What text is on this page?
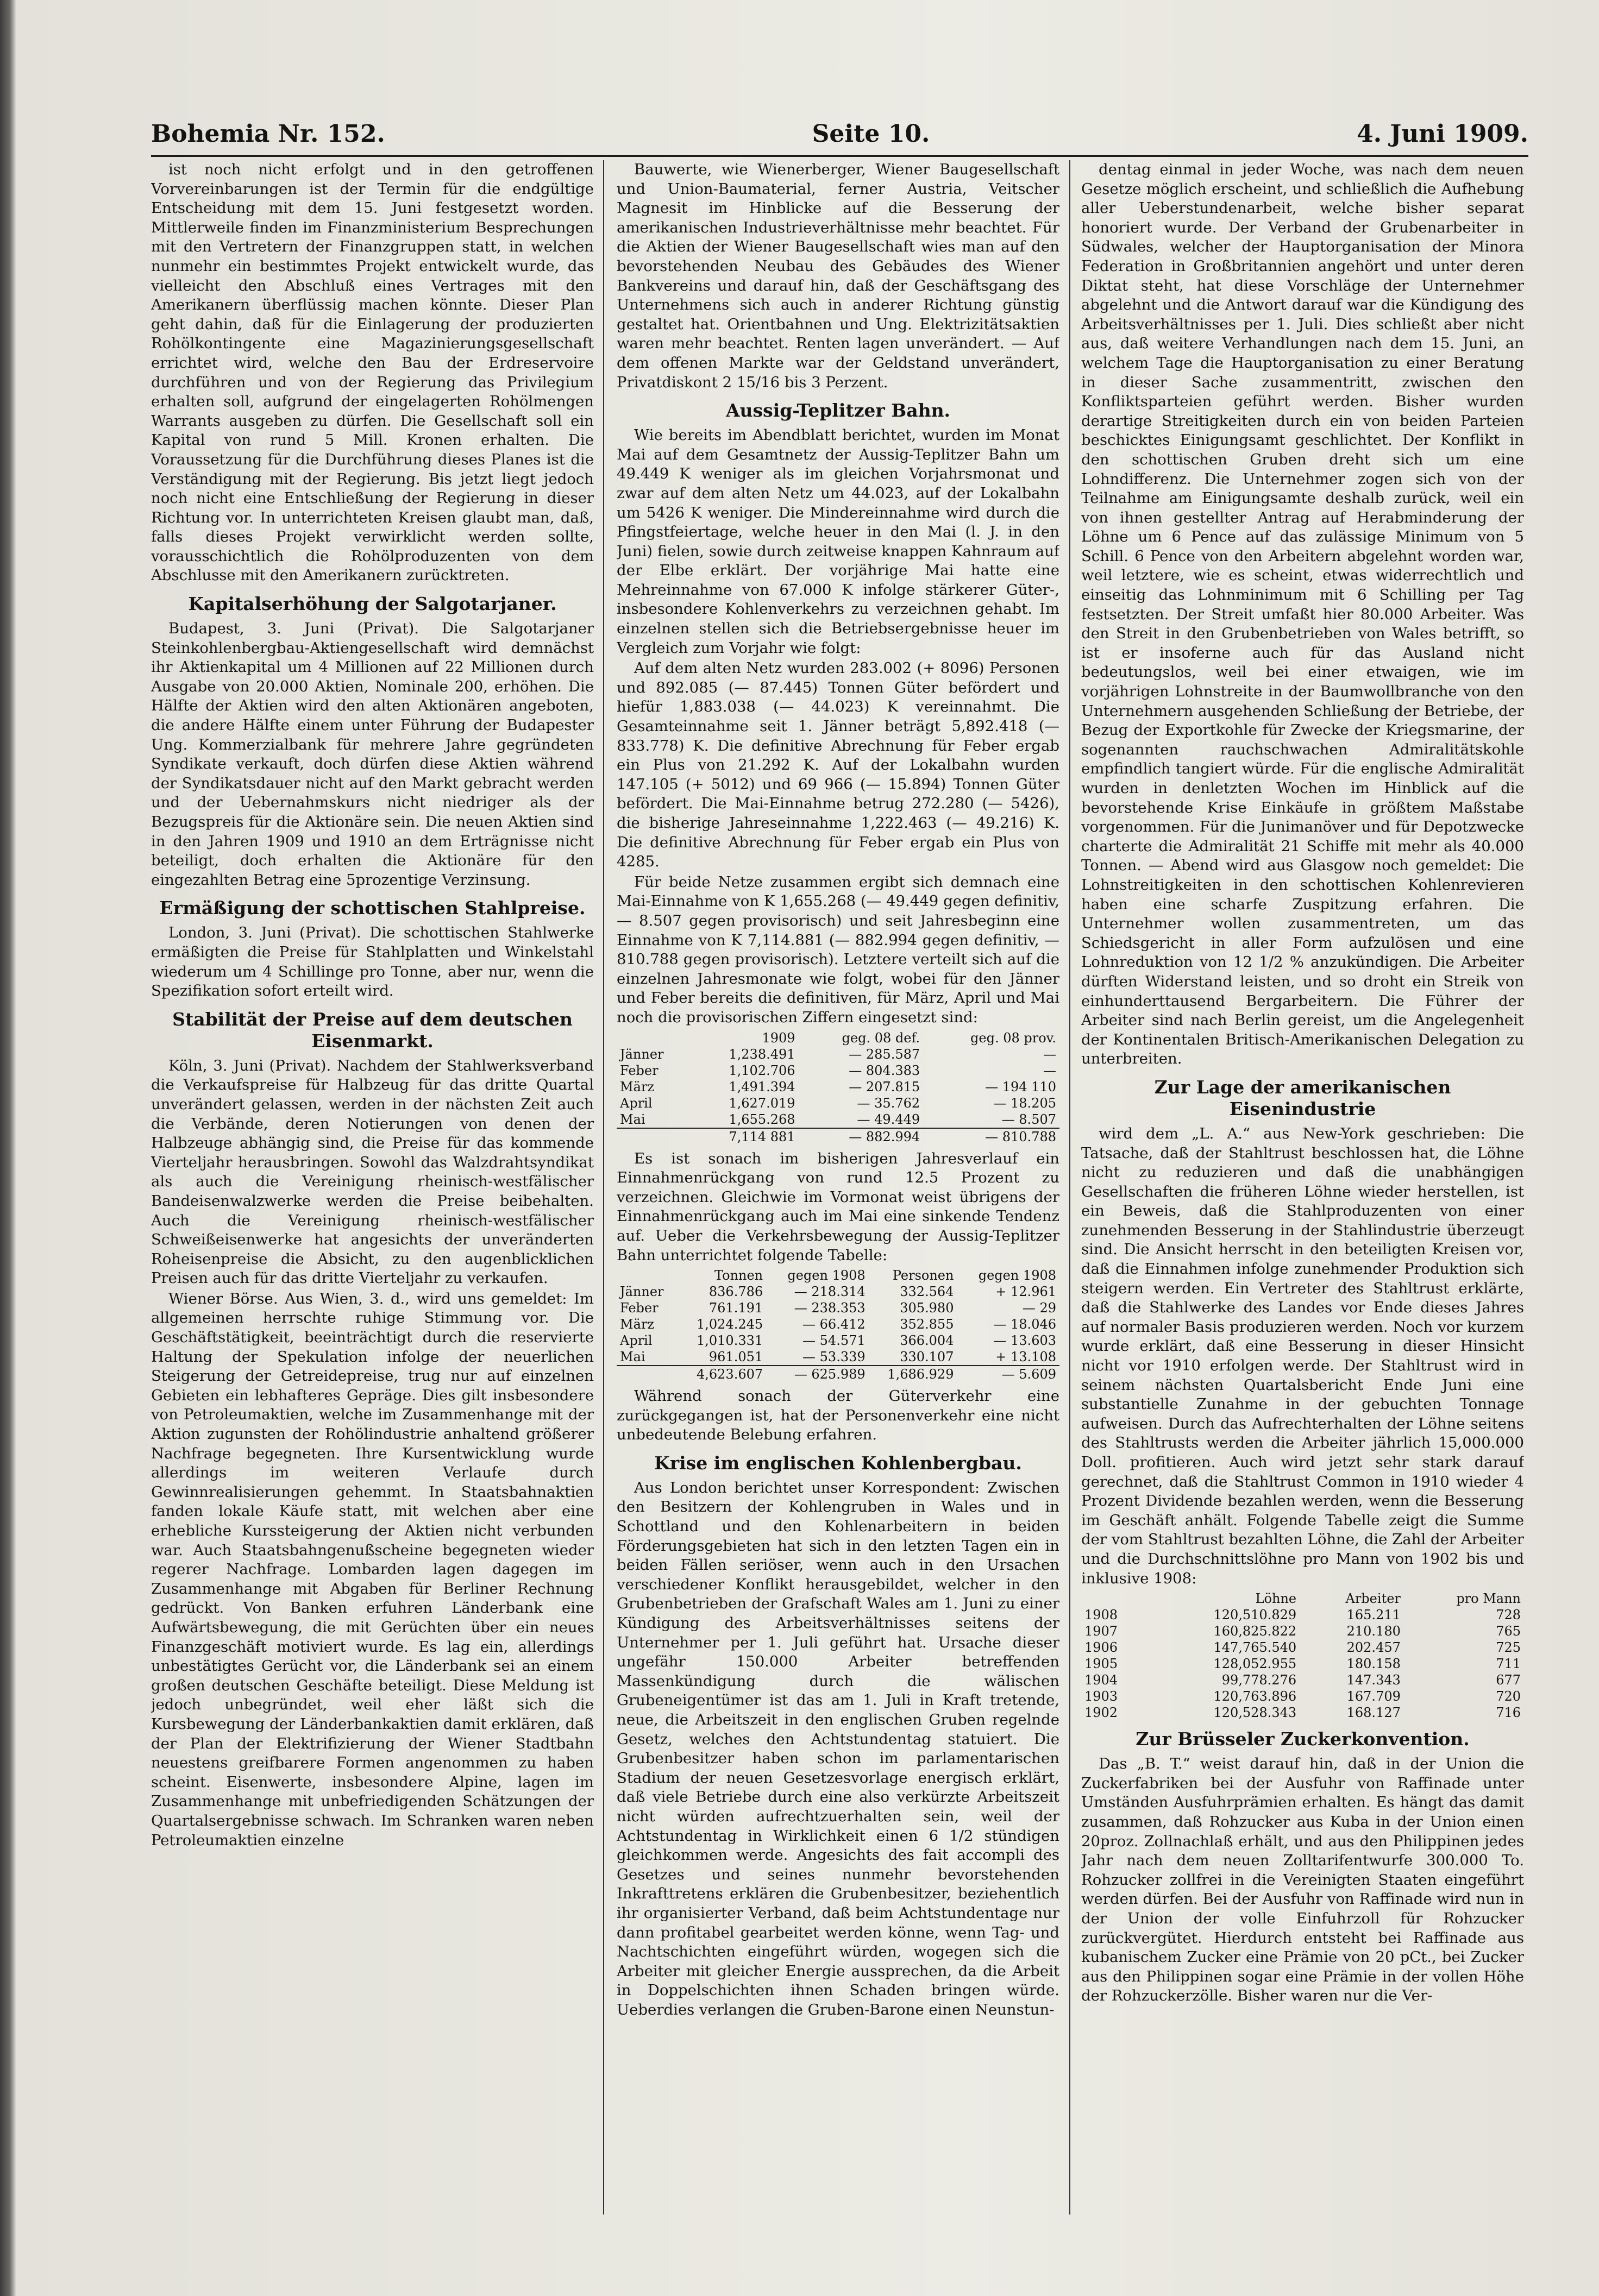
Bohemia Nr. 152.	Seite 10.	4. Juni 1909.

ist noch nicht erfolgt und in den getroffenen Vorvereinbarungen ist der Termin für die endgültige Entscheidung mit dem 15. Juni festgesetzt worden. Mittlerweile finden im Finanzministerium Besprechungen mit den Vertretern der Finanzgruppen statt, in welchen nunmehr ein bestimmtes Projekt entwickelt wurde, das vielleicht den Abschluß eines Vertrages mit den Amerikanern überflüssig machen könnte. Dieser Plan geht dahin, daß für die Einlagerung der produzierten Rohölkontingente eine Magazinierungsgesellschaft errichtet wird, welche den Bau der Erdreservoire durchführen und von der Regierung das Privilegium erhalten soll, aufgrund der eingelagerten Rohölmengen Warrants ausgeben zu dürfen. Die Gesellschaft soll ein Kapital von rund 5 Mill. Kronen erhalten. Die Voraussetzung für die Durchführung dieses Planes ist die Verständigung mit der Regierung. Bis jetzt liegt jedoch noch nicht eine Entschließung der Regierung in dieser Richtung vor. In unterrichteten Kreisen glaubt man, daß, falls dieses Projekt verwirklicht werden sollte, vorausschichtlich die Rohölproduzenten von dem Abschlusse mit den Amerikanern zurücktreten.

Kapitalserhöhung der Salgotarjaner.

Budapest, 3. Juni (Privat). Die Salgotarjaner Steinkohlenbergbau-Aktiengesellschaft wird demnächst ihr Aktienkapital um 4 Millionen auf 22 Millionen durch Ausgabe von 20.000 Aktien, Nominale 200, erhöhen. Die Hälfte der Aktien wird den alten Aktionären angeboten, die andere Hälfte einem unter Führung der Budapester Ung. Kommerzialbank für mehrere Jahre gegründeten Syndikate verkauft, doch dürfen diese Aktien während der Syndikatsdauer nicht auf den Markt gebracht werden und der Uebernahmskurs nicht niedriger als der Bezugspreis für die Aktionäre sein. Die neuen Aktien sind in den Jahren 1909 und 1910 an dem Erträgnisse nicht beteiligt, doch erhalten die Aktionäre für den eingezahlten Betrag eine 5prozentige Verzinsung.

Ermäßigung der schottischen Stahlpreise.

London, 3. Juni (Privat). Die schottischen Stahlwerke ermäßigten die Preise für Stahlplatten und Winkelstahl wiederum um 4 Schillinge pro Tonne, aber nur, wenn die Spezifikation sofort erteilt wird.

Stabilität der Preise auf dem deutschen Eisenmarkt.

Köln, 3. Juni (Privat). Nachdem der Stahlwerksverband die Verkaufspreise für Halbzeug für das dritte Quartal unverändert gelassen, werden in der nächsten Zeit auch die Verbände, deren Notierungen von denen der Halbzeuge abhängig sind, die Preise für das kommende Vierteljahr herausbringen. Sowohl das Walzdrahtsyndikat als auch die Vereinigung rheinisch-westfälischer Bandeisenwalzwerke werden die Preise beibehalten. Auch die Vereinigung rheinisch-westfälischer Schweißeisenwerke hat angesichts der unveränderten Roheisenpreise die Absicht, zu den augenblicklichen Preisen auch für das dritte Vierteljahr zu verkaufen.

Wiener Börse. Aus Wien, 3. d., wird uns gemeldet: Im allgemeinen herrschte ruhige Stimmung vor. Die Geschäftstätigkeit, beeinträchtigt durch die reservierte Haltung der Spekulation infolge der neuerlichen Steigerung der Getreidepreise, trug nur auf einzelnen Gebieten ein lebhafteres Gepräge. Dies gilt insbesondere von Petroleumaktien, welche im Zusammenhange mit der Aktion zugunsten der Rohölindustrie anhaltend größerer Nachfrage begegneten. Ihre Kursentwicklung wurde allerdings im weiteren Verlaufe durch Gewinnrealisierungen gehemmt. In Staatsbahnaktien fanden lokale Käufe statt, mit welchen aber eine erhebliche Kurssteigerung der Aktien nicht verbunden war. Auch Staatsbahngenußscheine begegneten wieder regerer Nachfrage. Lombarden lagen dagegen im Zusammenhange mit Abgaben für Berliner Rechnung gedrückt. Von Banken erfuhren Länderbank eine Aufwärtsbewegung, die mit Gerüchten über ein neues Finanzgeschäft motiviert wurde. Es lag ein, allerdings unbestätigtes Gerücht vor, die Länderbank sei an einem großen deutschen Geschäfte beteiligt. Diese Meldung ist jedoch unbegründet, weil eher läßt sich die Kursbewegung der Länderbankaktien damit erklären, daß der Plan der Elektrifizierung der Wiener Stadtbahn neuestens greifbarere Formen angenommen zu haben scheint. Eisenwerte, insbesondere Alpine, lagen im Zusammenhange mit unbefriedigenden Schätzungen der Quartalsergebnisse schwach. Im Schranken waren neben Petroleumaktien einzelne

Bauwerte, wie Wienerberger, Wiener Baugesellschaft und Union-Baumaterial, ferner Austria, Veitscher Magnesit im Hinblicke auf die Besserung der amerikanischen Industrieverhältnisse mehr beachtet. Für die Aktien der Wiener Baugesellschaft wies man auf den bevorstehenden Neubau des Gebäudes des Wiener Bankvereins und darauf hin, daß der Geschäftsgang des Unternehmens sich auch in anderer Richtung günstig gestaltet hat. Orientbahnen und Ung. Elektrizitätsaktien waren mehr beachtet. Renten lagen unverändert. — Auf dem offenen Markte war der Geldstand unverändert, Privatdiskont 2 15/16 bis 3 Perzent.

Aussig-Teplitzer Bahn.

Wie bereits im Abendblatt berichtet, wurden im Monat Mai auf dem Gesamtnetz der Aussig-Teplitzer Bahn um 49.449 K weniger als im gleichen Vorjahrsmonat und zwar auf dem alten Netz um 44.023, auf der Lokalbahn um 5426 K weniger. Die Mindereinnahme wird durch die Pfingstfeiertage, welche heuer in den Mai (l. J. in den Juni) fielen, sowie durch zeitweise knappen Kahnraum auf der Elbe erklärt. Der vorjährige Mai hatte eine Mehreinnahme von 67.000 K infolge stärkerer Güter-, insbesondere Kohlenverkehrs zu verzeichnen gehabt. Im einzelnen stellen sich die Betriebsergebnisse heuer im Vergleich zum Vorjahr wie folgt:

Auf dem alten Netz wurden 283.002 (+ 8096) Personen und 892.085 (— 87.445) Tonnen Güter befördert und hiefür 1,883.038 (— 44.023) K vereinnahmt. Die Gesamteinnahme seit 1. Jänner beträgt 5,892.418 (— 833.778) K. Die definitive Abrechnung für Feber ergab ein Plus von 21.292 K. Auf der Lokalbahn wurden 147.105 (+ 5012) und 69 966 (— 15.894) Tonnen Güter befördert. Die Mai-Einnahme betrug 272.280 (— 5426), die bisherige Jahreseinnahme 1,222.463 (— 49.216) K. Die definitive Abrechnung für Feber ergab ein Plus von 4285.

Für beide Netze zusammen ergibt sich demnach eine Mai-Einnahme von K 1,655.268 (— 49.449 gegen definitiv, — 8.507 gegen provisorisch) und seit Jahresbeginn eine Einnahme von K 7,114.881 (— 882.994 gegen definitiv, — 810.788 gegen provisorisch). Letztere verteilt sich auf die einzelnen Jahresmonate wie folgt, wobei für den Jänner und Feber bereits die definitiven, für März, April und Mai noch die provisorischen Ziffern eingesetzt sind:

	1909	geg. 08 def.	geg. 08 prov.
Jänner	1,238.491	— 285.587	—
Feber	1,102.706	— 804.383	—
März	1,491.394	— 207.815	— 194 110
April	1,627.019	— 35.762	— 18.205
Mai	1,655.268	— 49.449	— 8.507
	7,114 881	— 882.994	— 810.788

Es ist sonach im bisherigen Jahresverlauf ein Einnahmenrückgang von rund 12.5 Prozent zu verzeichnen. Gleichwie im Vormonat weist übrigens der Einnahmenrückgang auch im Mai eine sinkende Tendenz auf. Ueber die Verkehrsbewegung der Aussig-Teplitzer Bahn unterrichtet folgende Tabelle:

	Tonnen	gegen 1908	Personen	gegen 1908
Jänner	836.786	— 218.314	332.564	+ 12.961
Feber	761.191	— 238.353	305.980	— 29
März	1,024.245	— 66.412	352.855	— 18.046
April	1,010.331	— 54.571	366.004	— 13.603
Mai	961.051	— 53.339	330.107	+ 13.108
	4,623.607	— 625.989	1,686.929	— 5.609

Während sonach der Güterverkehr eine zurückgegangen ist, hat der Personenverkehr eine nicht unbedeutende Belebung erfahren.

Krise im englischen Kohlenbergbau.

Aus London berichtet unser Korrespondent: Zwischen den Besitzern der Kohlengruben in Wales und in Schottland und den Kohlenarbeitern in beiden Förderungsgebieten hat sich in den letzten Tagen ein in beiden Fällen seriöser, wenn auch in den Ursachen verschiedener Konflikt herausgebildet, welcher in den Grubenbetrieben der Grafschaft Wales am 1. Juni zu einer Kündigung des Arbeitsverhältnisses seitens der Unternehmer per 1. Juli geführt hat. Ursache dieser ungefähr 150.000 Arbeiter betreffenden Massenkündigung durch die wälischen Grubeneigentümer ist das am 1. Juli in Kraft tretende, neue, die Arbeitszeit in den englischen Gruben regelnde Gesetz, welches den Achtstundentag statuiert. Die Grubenbesitzer haben schon im parlamentarischen Stadium der neuen Gesetzesvorlage energisch erklärt, daß viele Betriebe durch eine also verkürzte Arbeitszeit nicht würden aufrechtzuerhalten sein, weil der Achtstundentag in Wirklichkeit einen 6 1/2 stündigen gleichkommen werde. Angesichts des fait accompli des Gesetzes und seines nunmehr bevorstehenden Inkrafttretens erklären die Grubenbesitzer, beziehentlich ihr organisierter Verband, daß beim Achtstundentage nur dann profitabel gearbeitet werden könne, wenn Tag- und Nachtschichten eingeführt würden, wogegen sich die Arbeiter mit gleicher Energie aussprechen, da die Arbeit in Doppelschichten ihnen Schaden bringen würde. Ueberdies verlangen die Gruben-Barone einen Neunstun-

dentag einmal in jeder Woche, was nach dem neuen Gesetze möglich erscheint, und schließlich die Aufhebung aller Ueberstundenarbeit, welche bisher separat honoriert wurde. Der Verband der Grubenarbeiter in Südwales, welcher der Hauptorganisation der Minora Federation in Großbritannien angehört und unter deren Diktat steht, hat diese Vorschläge der Unternehmer abgelehnt und die Antwort darauf war die Kündigung des Arbeitsverhältnisses per 1. Juli. Dies schließt aber nicht aus, daß weitere Verhandlungen nach dem 15. Juni, an welchem Tage die Hauptorganisation zu einer Beratung in dieser Sache zusammentritt, zwischen den Konfliktsparteien geführt werden. Bisher wurden derartige Streitigkeiten durch ein von beiden Parteien beschicktes Einigungsamt geschlichtet. Der Konflikt in den schottischen Gruben dreht sich um eine Lohndifferenz. Die Unternehmer zogen sich von der Teilnahme am Einigungsamte deshalb zurück, weil ein von ihnen gestellter Antrag auf Herabminderung der Löhne um 6 Pence auf das zulässige Minimum von 5 Schill. 6 Pence von den Arbeitern abgelehnt worden war, weil letztere, wie es scheint, etwas widerrechtlich und einseitig das Lohnminimum mit 6 Schilling per Tag festsetzten. Der Streit umfaßt hier 80.000 Arbeiter. Was den Streit in den Grubenbetrieben von Wales betrifft, so ist er insoferne auch für das Ausland nicht bedeutungslos, weil bei einer etwaigen, wie im vorjährigen Lohnstreite in der Baumwollbranche von den Unternehmern ausgehenden Schließung der Betriebe, der Bezug der Exportkohle für Zwecke der Kriegsmarine, der sogenannten rauchschwachen Admiralitätskohle empfindlich tangiert würde. Für die englische Admiralität wurden in denletzten Wochen im Hinblick auf die bevorstehende Krise Einkäufe in größtem Maßstabe vorgenommen. Für die Junimanöver und für Depotzwecke charterte die Admiralität 21 Schiffe mit mehr als 40.000 Tonnen. — Abend wird aus Glasgow noch gemeldet: Die Lohnstreitigkeiten in den schottischen Kohlenrevieren haben eine scharfe Zuspitzung erfahren. Die Unternehmer wollen zusammentreten, um das Schiedsgericht in aller Form aufzulösen und eine Lohnreduktion von 12 1/2 % anzukündigen. Die Arbeiter dürften Widerstand leisten, und so droht ein Streik von einhunderttausend Bergarbeitern. Die Führer der Arbeiter sind nach Berlin gereist, um die Angelegenheit der Kontinentalen Britisch-Amerikanischen Delegation zu unterbreiten.

Zur Lage der amerikanischen Eisenindustrie

wird dem „L. A.“ aus New-York geschrieben: Die Tatsache, daß der Stahltrust beschlossen hat, die Löhne nicht zu reduzieren und daß die unabhängigen Gesellschaften die früheren Löhne wieder herstellen, ist ein Beweis, daß die Stahlproduzenten von einer zunehmenden Besserung in der Stahlindustrie überzeugt sind. Die Ansicht herrscht in den beteiligten Kreisen vor, daß die Einnahmen infolge zunehmender Produktion sich steigern werden. Ein Vertreter des Stahltrust erklärte, daß die Stahlwerke des Landes vor Ende dieses Jahres auf normaler Basis produzieren werden. Noch vor kurzem wurde erklärt, daß eine Besserung in dieser Hinsicht nicht vor 1910 erfolgen werde. Der Stahltrust wird in seinem nächsten Quartalsbericht Ende Juni eine substantielle Zunahme in der gebuchten Tonnage aufweisen. Durch das Aufrechterhalten der Löhne seitens des Stahltrusts werden die Arbeiter jährlich 15,000.000 Doll. profitieren. Auch wird jetzt sehr stark darauf gerechnet, daß die Stahltrust Common in 1910 wieder 4 Prozent Dividende bezahlen werden, wenn die Besserung im Geschäft anhält. Folgende Tabelle zeigt die Summe der vom Stahltrust bezahlten Löhne, die Zahl der Arbeiter und die Durchschnittslöhne pro Mann von 1902 bis und inklusive 1908:

	Löhne	Arbeiter	pro Mann
1908	120,510.829	165.211	728
1907	160,825.822	210.180	765
1906	147,765.540	202.457	725
1905	128,052.955	180.158	711
1904	99,778.276	147.343	677
1903	120,763.896	167.709	720
1902	120,528.343	168.127	716
Zur Brüsseler Zuckerkonvention.

Das „B. T.“ weist darauf hin, daß in der Union die Zuckerfabriken bei der Ausfuhr von Raffinade unter Umständen Ausfuhrprämien erhalten. Es hängt das damit zusammen, daß Rohzucker aus Kuba in der Union einen 20proz. Zollnachlaß erhält, und aus den Philippinen jedes Jahr nach dem neuen Zolltarifentwurfe 300.000 To. Rohzucker zollfrei in die Vereinigten Staaten eingeführt werden dürfen. Bei der Ausfuhr von Raffinade wird nun in der Union der volle Einfuhrzoll für Rohzucker zurückvergütet. Hierdurch entsteht bei Raffinade aus kubanischem Zucker eine Prämie von 20 pCt., bei Zucker aus den Philippinen sogar eine Prämie in der vollen Höhe der Rohzuckerzölle. Bisher waren nur die Ver-
